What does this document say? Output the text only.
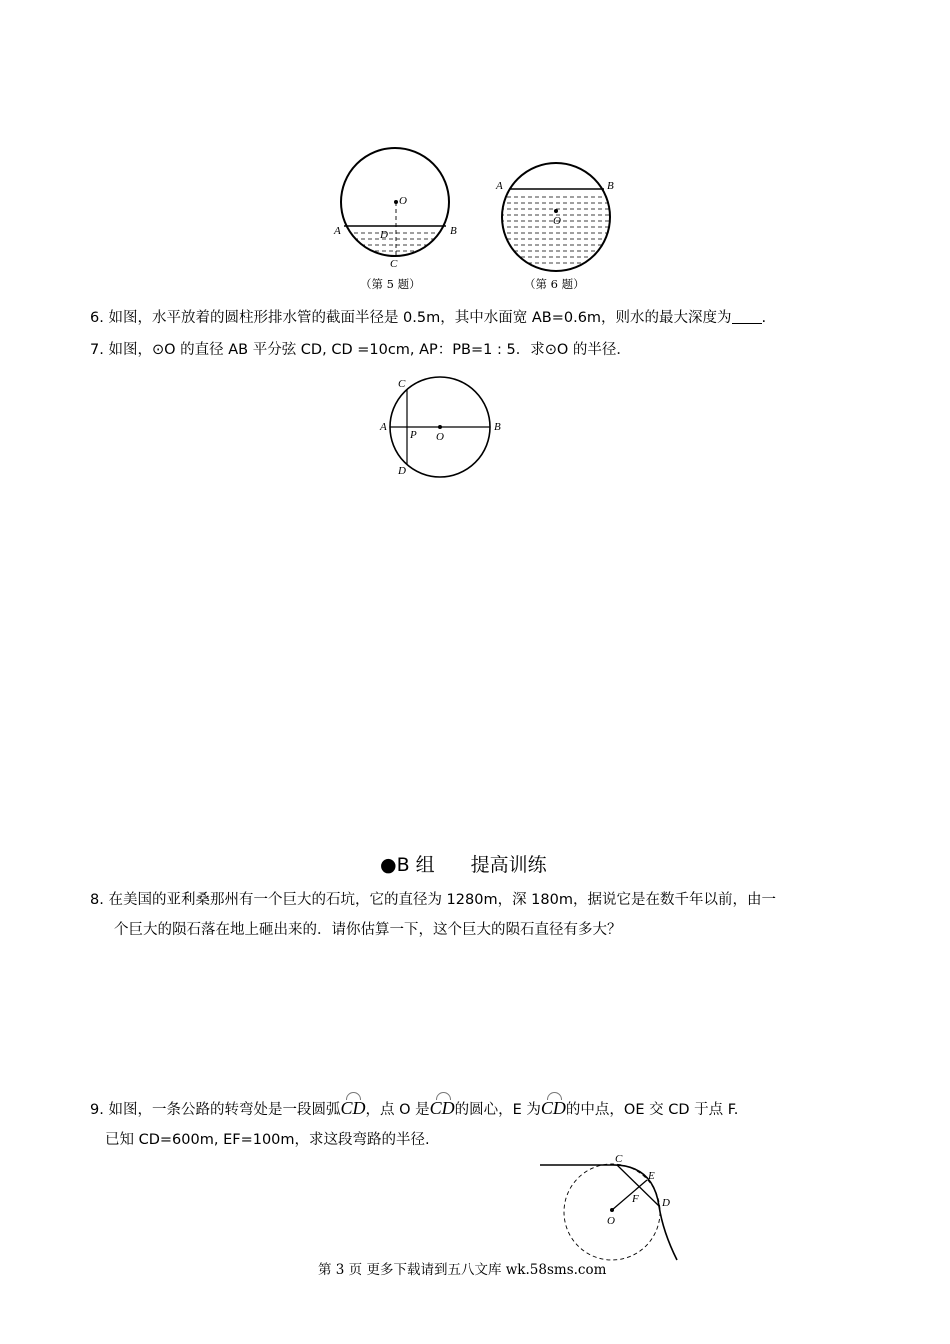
O
A	B
D
C
（第 5 题）
A	B
O
（第 6 题）
6. 如图，水平放着的圆柱形排水管的截面半径是 0.5m，其中水面宽 AB=0.6m，则水的最大深度为 .
7. 如图，⊙O 的直径 AB 平分弦 CD, CD =10cm, AP：PB=1 : 5．求⊙O 的半径．
C
A
P O
B
D
●B 组 提高训练
8. 在美国的亚利桑那州有一个巨大的石坑，它的直径为 1280m，深 180m，据说它是在数千年以前，由一
个巨大的陨石落在地上砸出来的．请你估算一下，这个巨大的陨石直径有多大？
9. 如图，一条公路的转弯处是一段圆弧CD，点 O 是CD的圆心，E 为CD的中点，OE 交 CD 于点 F.
已知 CD=600m, EF=100m，求这段弯路的半径.
C
E
F D
O
第 3 页 更多下载请到五八文库 wk.58sms.com
